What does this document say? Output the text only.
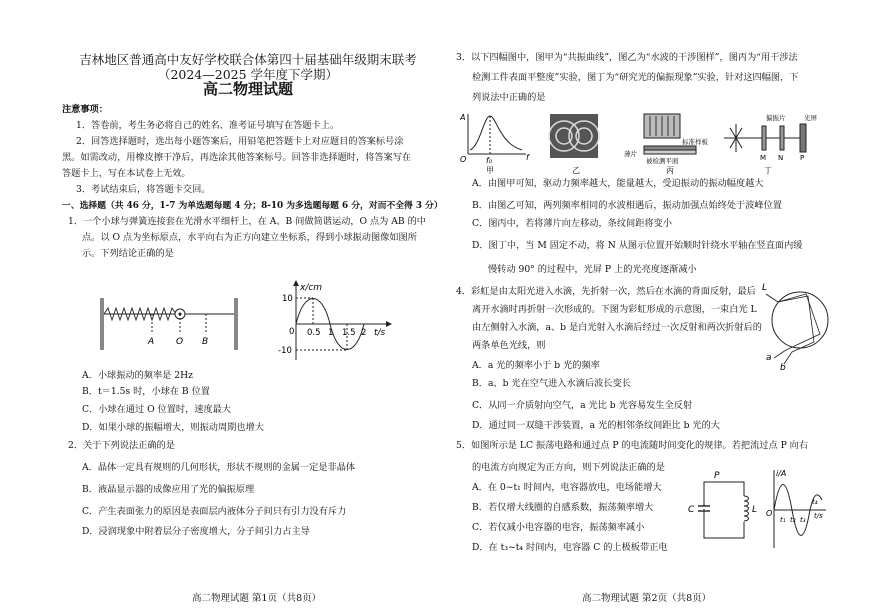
吉林地区普通高中友好学校联合体第四十届基础年级期末联考
（2024—2025 学年度下学期）
高二物理试题
注意事项：
1．答卷前，考生务必将自己的姓名、准考证号填写在答题卡上。
2．回答选择题时，选出每小题答案后，用铅笔把答题卡上对应题目的答案标号涂
黑。如需改动，用橡皮擦干净后，再选涂其他答案标号。回答非选择题时，将答案写在
答题卡上，写在本试卷上无效。
3．考试结束后，将答题卡交回。
一、选择题（共 46 分，1-7 为单选题每题 4 分；8-10 为多选题每题 6 分，对而不全得 3 分）
1．一个小球与弹簧连接套在光滑水平细杆上，在 A、B 间做简谐运动，O 点为 AB 的中
点。以 O 点为坐标原点，水平向右为正方向建立坐标系，得到小球振动图像如图所
示。下列结论正确的是
A O B
x/cm
10
-10
0 0.5 1 1.5 2 t/s
A．小球振动的频率是 2Hz
B．t＝1.5s 时，小球在 B 位置
C．小球在通过 O 位置时，速度最大
D．如果小球的振幅增大，则振动周期也增大
2．关于下列说法正确的是
A．晶体一定具有规则的几何形状，形状不规则的金属一定是非晶体
B．液晶显示器的成像应用了光的偏振原理
C．产生表面张力的原因是表面层内液体分子间只有引力没有斥力
D．浸润现象中附着层分子密度增大，分子间引力占主导
高二物理试题 第1页（共8页）
3．以下四幅图中，图甲为“共振曲线”，图乙为“水波的干涉图样”，图丙为“用干涉法
检测工件表面平整度”实验，图丁为“研究光的偏振现象”实验，针对这四幅图，下
列说法中正确的是
A
O f₀	f
甲	乙
标准样板
薄片
被检测平面
丙
偏振片	光屏
M N P
丁
A．由图甲可知，驱动力频率越大，能量越大，受迫振动的振动幅度越大
B．由图乙可知，两列频率相同的水波相遇后，振动加强点始终处于波峰位置
C．图丙中，若将薄片向左移动，条纹间距将变小
D．图丁中，当 M 固定不动，将 N 从图示位置开始顺时针绕水平轴在竖直面内缓
慢转动 90° 的过程中，光屏 P 上的光亮度逐渐减小
4．彩虹是由太阳光进入水滴，先折射一次，然后在水滴的背面反射，最后
离开水滴时再折射一次形成的。下图为彩虹形成的示意图，一束白光 L
由左侧射入水滴，a、b 是白光射入水滴后经过一次反射和两次折射后的
两条单色光线，则
L
a
b
A．a 光的频率小于 b 光的频率
B．a、b 光在空气进入水滴后波长变长
C．从同一介质射向空气，a 光比 b 光容易发生全反射
D．通过同一双缝干涉装置，a 光的相邻条纹间距比 b 光的大
5．如图所示是 LC 振荡电路和通过点 P 的电流随时间变化的规律。若把流过点 P 向右
的电流方向规定为正方向，则下列说法正确的是
A．在 0~t₁ 时间内，电容器放电，电场能增大
B．若仅增大线圈的自感系数，振荡频率增大
C．若仅减小电容器的电容，振荡频率减小
D．在 t₃~t₄ 时间内，电容器 C 的上极板带正电
P
C	L
i/A
O
t₁ t₂ t₃
t₄
t/s
高二物理试题 第2页（共8页）
